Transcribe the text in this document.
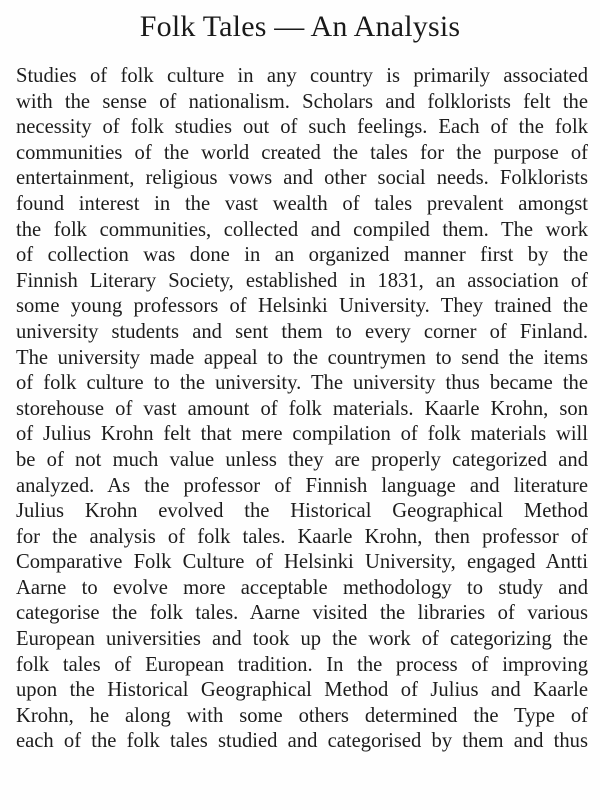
Folk Tales — An Analysis
Studies of folk culture in any country is primarily associated
with the sense of nationalism. Scholars and folklorists felt the
necessity of folk studies out of such feelings. Each of the folk
communities of the world created the tales for the purpose of
entertainment, religious vows and other social needs. Folklorists
found interest in the vast wealth of tales prevalent amongst
the folk communities, collected and compiled them. The work
of collection was done in an organized manner first by the
Finnish Literary Society, established in 1831, an association of
some young professors of Helsinki University. They trained the
university students and sent them to every corner of Finland.
The university made appeal to the countrymen to send the items
of folk culture to the university. The university thus became the
storehouse of vast amount of folk materials. Kaarle Krohn, son
of Julius Krohn felt that mere compilation of folk materials will
be of not much value unless they are properly categorized and
analyzed. As the professor of Finnish language and literature
Julius Krohn evolved the Historical Geographical Method
for the analysis of folk tales. Kaarle Krohn, then professor of
Comparative Folk Culture of Helsinki University, engaged Antti
Aarne to evolve more acceptable methodology to study and
categorise the folk tales. Aarne visited the libraries of various
European universities and took up the work of categorizing the
folk tales of European tradition. In the process of improving
upon the Historical Geographical Method of Julius and Kaarle
Krohn, he along with some others determined the Type of
each of the folk tales studied and categorised by them and thus
